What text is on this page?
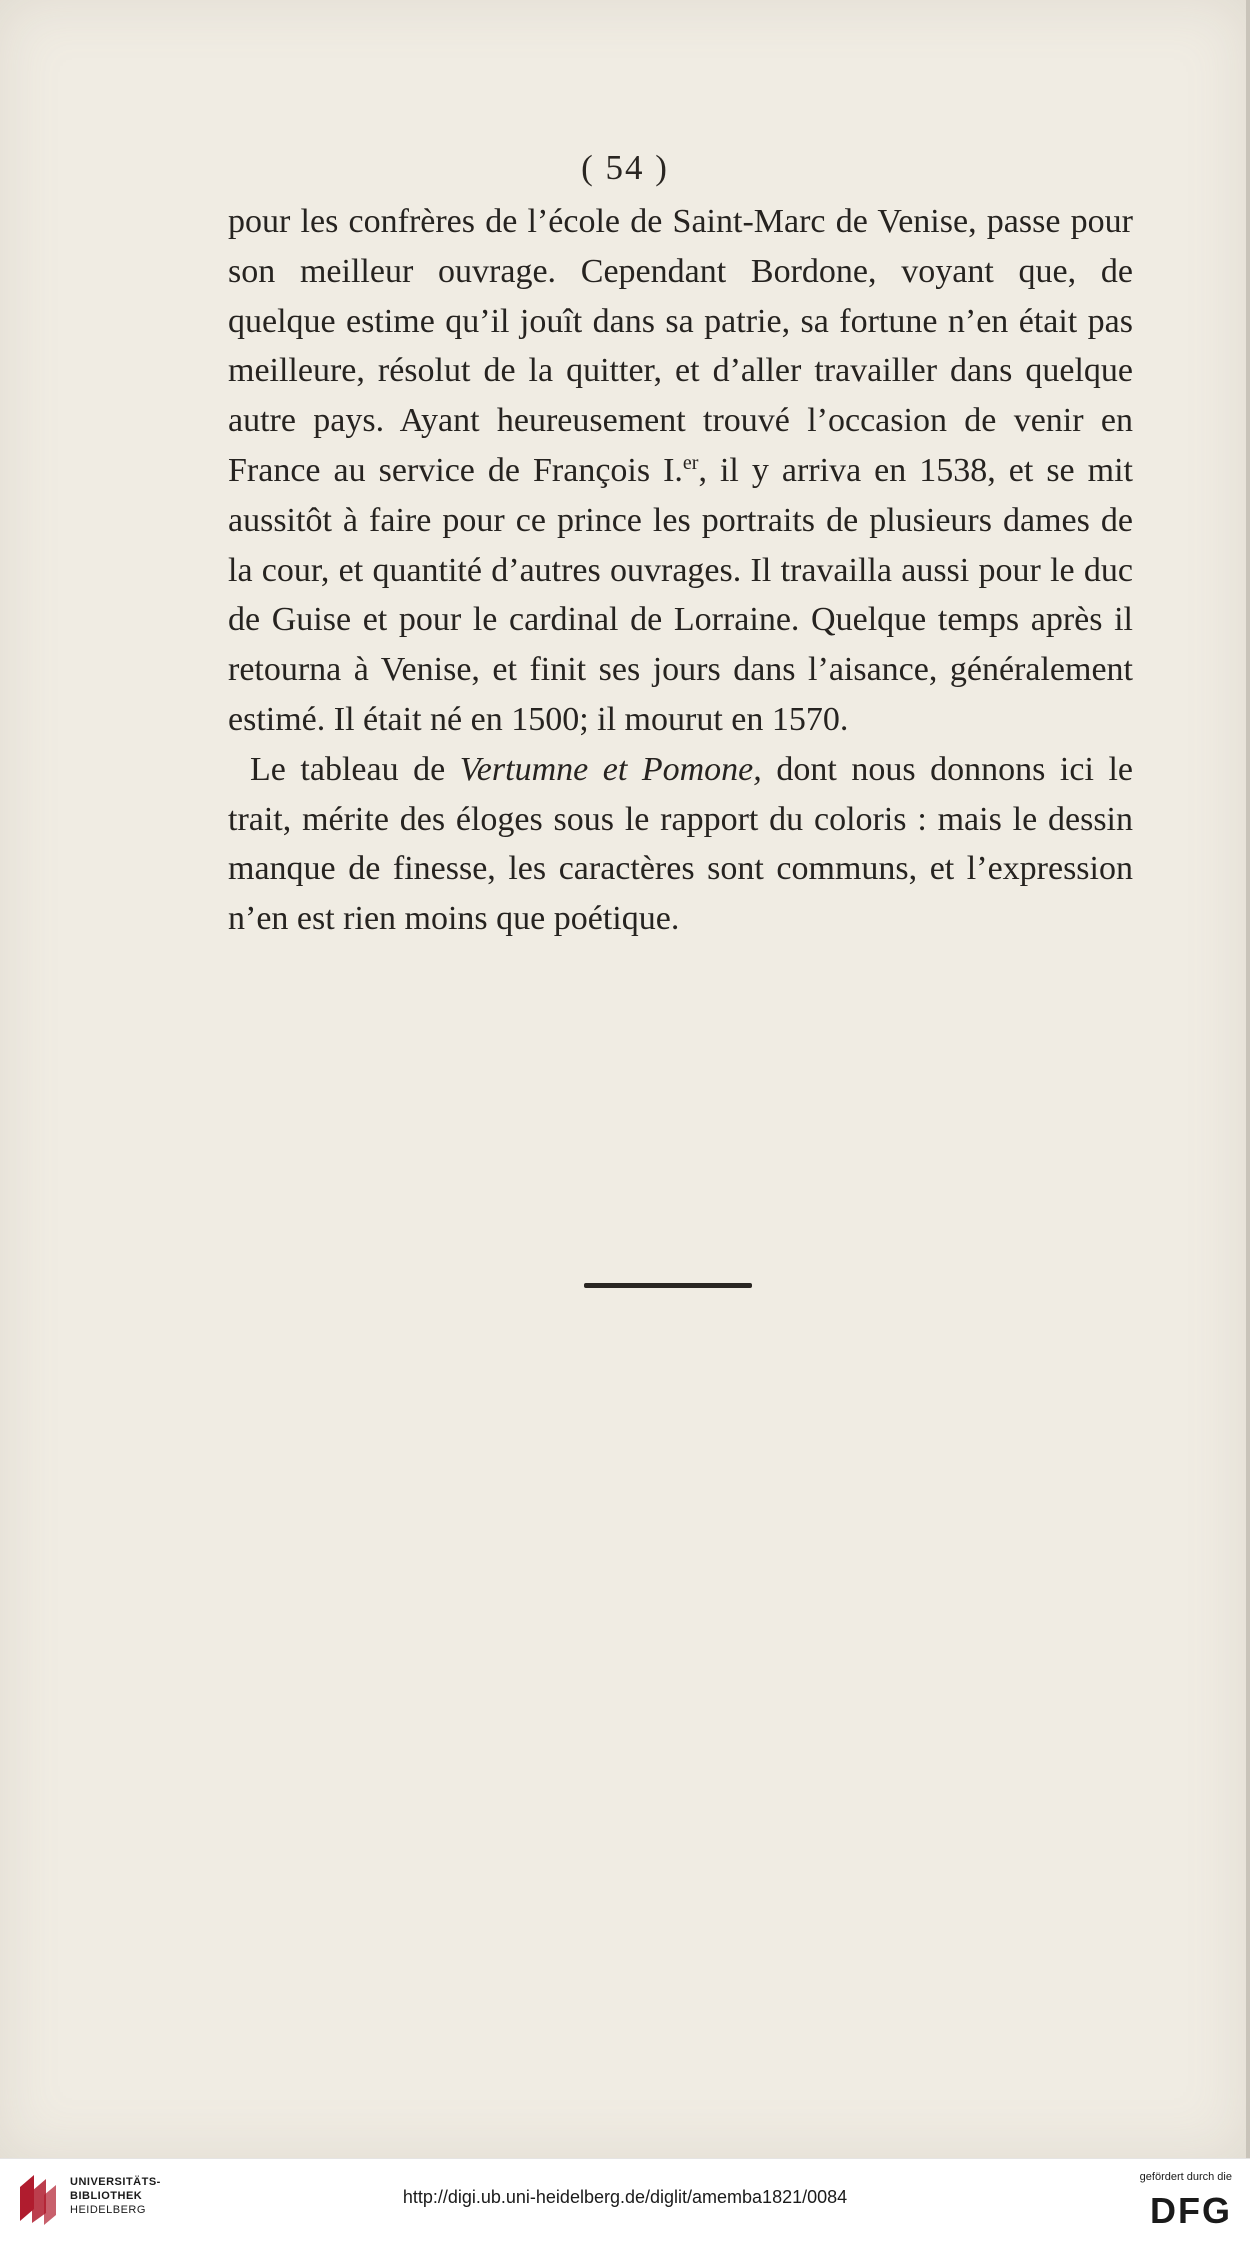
( 54 )

pour les confrères de l’école de Saint-Marc de Venise, passe pour son meilleur ouvrage. Cependant Bordone, voyant que, de quelque estime qu’il jouît dans sa patrie, sa fortune n’en était pas meilleure, résolut de la quitter, et d’aller travailler dans quelque autre pays. Ayant heureusement trouvé l’occasion de venir en France au service de François I.$^{er}$, il y arriva en 1538, et se mit aussitôt à faire pour ce prince les portraits de plusieurs dames de la cour, et quantité d’autres ouvrages. Il travailla aussi pour le duc de Guise et pour le cardinal de Lorraine. Quelque temps après il retourna à Venise, et finit ses jours dans l’aisance, généralement estimé. Il était né en 1500; il mourut en 1570.

Le tableau de Vertumne et Pomone, dont nous donnons ici le trait, mérite des éloges sous le rapport du coloris : mais le dessin manque de finesse, les caractères sont communs, et l’expression n’en est rien moins que poétique.

UNIVERSITÄTS-
BIBLIOTHEK
HEIDELBERG
http://digi.ub.uni-heidelberg.de/diglit/amemba1821/0084
gefördert durch die
DFG
